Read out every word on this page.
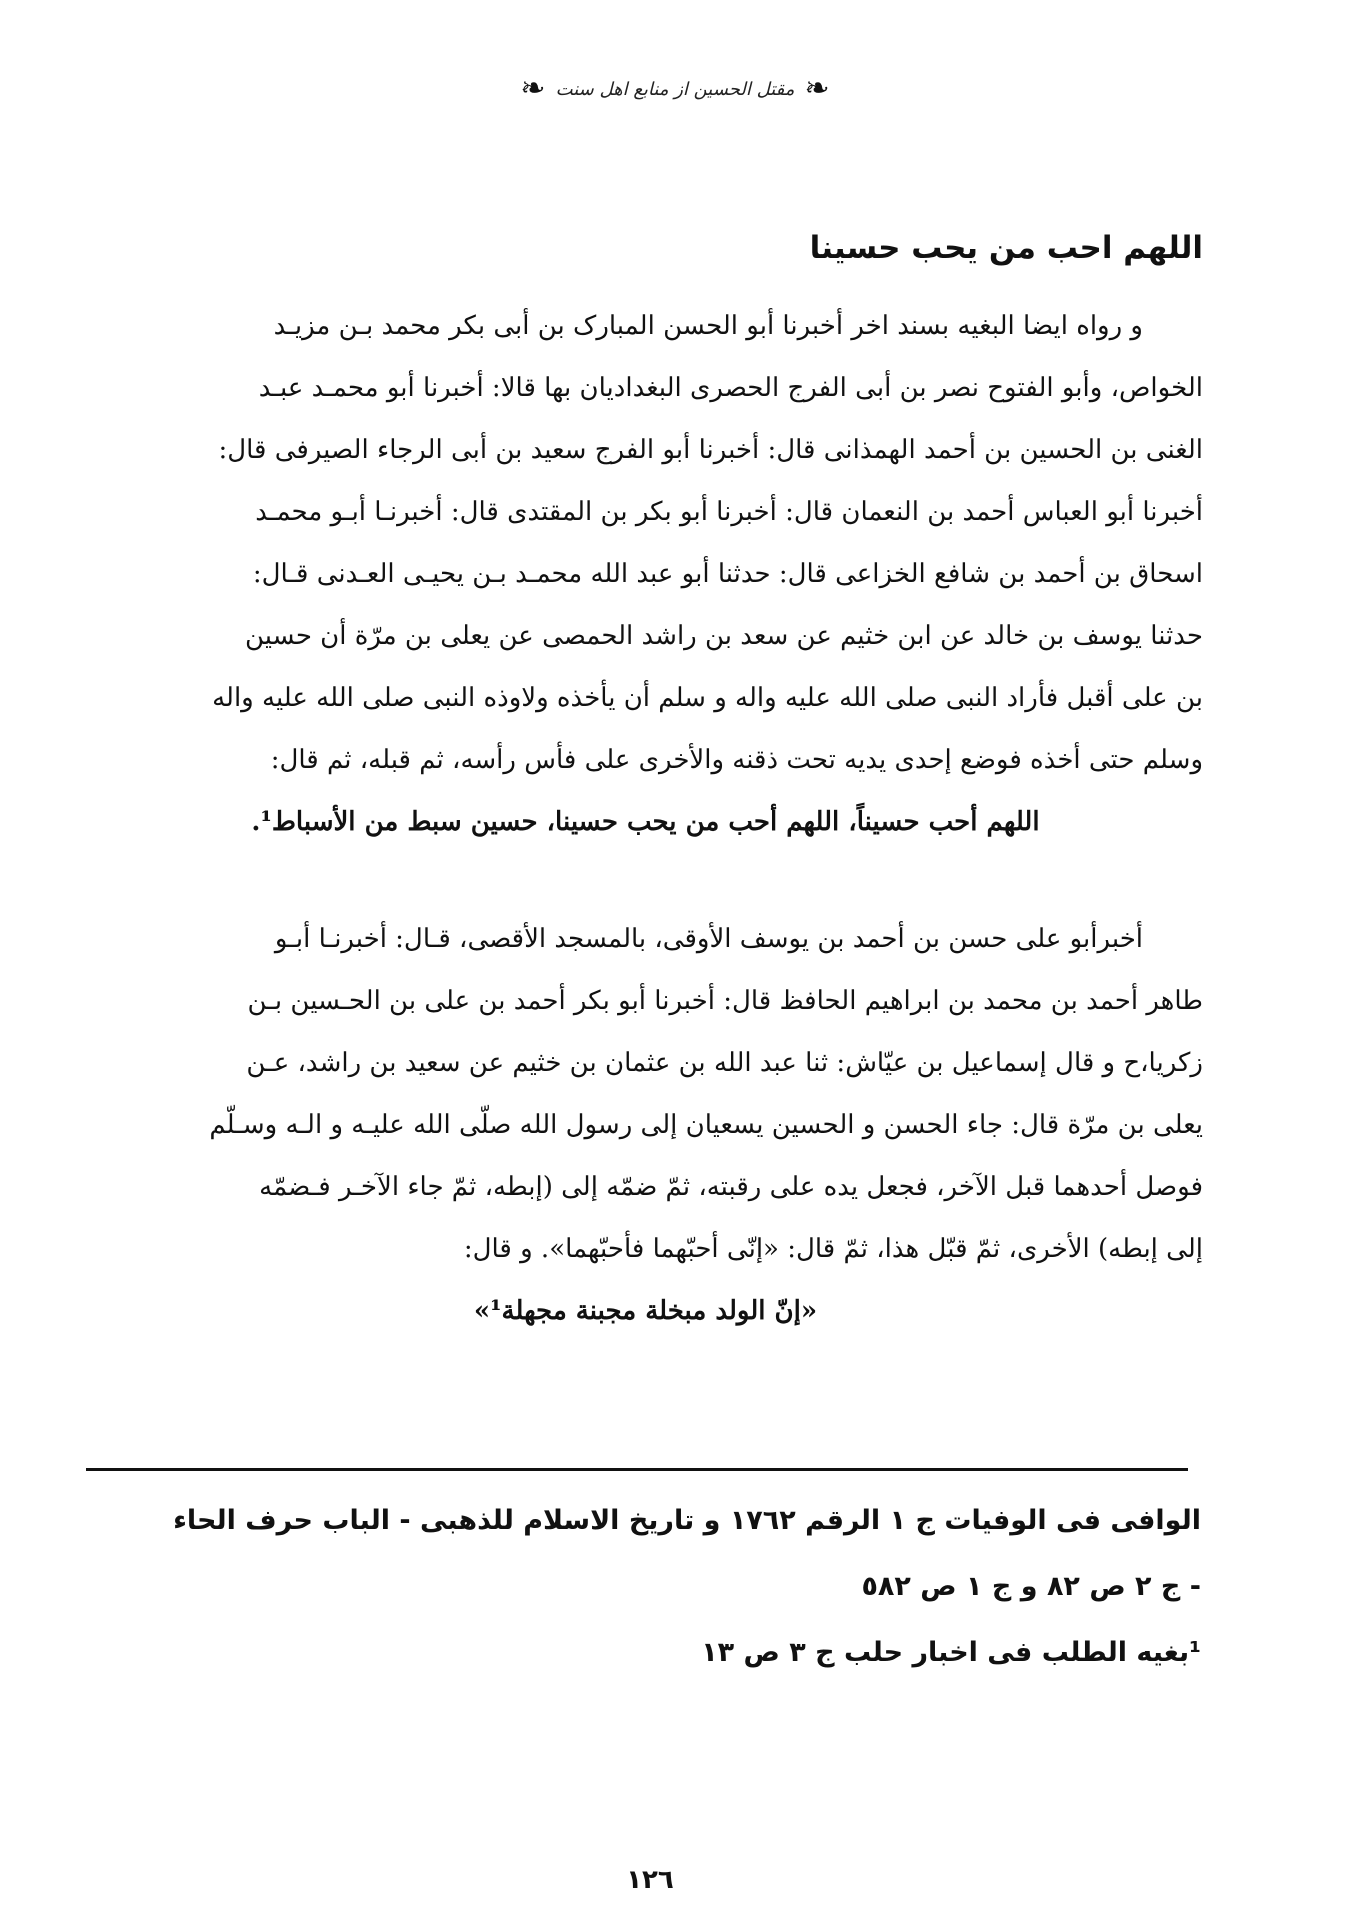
❧
مقتل الحسين از منابع اهل سنت
❧
اللهم احب من يحب حسينا
و رواه ايضا البغيه بسند اخر أخبرنا أبو الحسن المبارک بن أبی بکر محمد بـن مزيـد
الخواص، وأبو الفتوح نصر بن أبى الفرج الحصری البغداديان بها قالا: أخبرنا أبو محمـد عبـد
الغنی بن الحسين بن أحمد الهمذانی قال: أخبرنا أبو الفرج سعيد بن أبی الرجاء الصيرفی قال:
أخبرنا أبو العباس أحمد بن النعمان قال: أخبرنا أبو بكر بن المقتدی قال: أخبرنـا أبـو محمـد
اسحاق بن أحمد بن شافع الخزاعی قال: حدثنا أبو عبد الله محمـد بـن يحيـی العـدنی قـال:
حدثنا يوسف بن خالد عن ابن خثيم عن سعد بن راشد الحمصی عن يعلی بن مرّة أن حسين
بن علی أقبل فأراد النبی صلی الله عليه واله و سلم أن يأخذه ولاوذه النبی صلی الله عليه واله
وسلم حتی أخذه فوضع إحدی يديه تحت ذقنه والأخری علی فأس رأسه، ثم قبله، ثم قال:
اللهم أحب حسيناً، اللهم أحب من يحب حسينا، حسين سبط من الأسباط¹.
أخبرأبو علی حسن بن أحمد بن يوسف الأوقی، بالمسجد الأقصی، قـال: أخبرنـا أبـو
طاهر أحمد بن محمد بن ابراهيم الحافظ قال: أخبرنا أبو بكر أحمد بن علی بن الحـسين بـن
زكريا،ح و قال إسماعيل بن عيّاش: ثنا عبد الله بن عثمان بن خثيم عن سعيد بن راشد، عـن
يعلی بن مرّة قال: جاء الحسن و الحسين يسعيان إلى رسول الله صلّى الله عليـه و الـه وسـلّم
فوصل أحدهما قبل الآخر، فجعل يده علی رقبته، ثمّ ضمّه إلی (إبطه، ثمّ جاء الآخـر فـضمّه
إلی إبطه) الأخری، ثمّ قبّل هذا، ثمّ قال: «إنّی أحبّهما فأحبّهما». و قال:
«إنّ الولد مبخلة مجبنة مجهلة¹»
الوافی فی الوفيات ج ١ الرقم ١٧٦٢ و تاريخ الاسلام للذهبی - الباب حرف الحاء
- ج ٢ ص ٨٢ و ج ١ ص ٥٨٢
¹بغيه الطلب فی اخبار حلب ج ٣ ص ١٣
١٢٦
